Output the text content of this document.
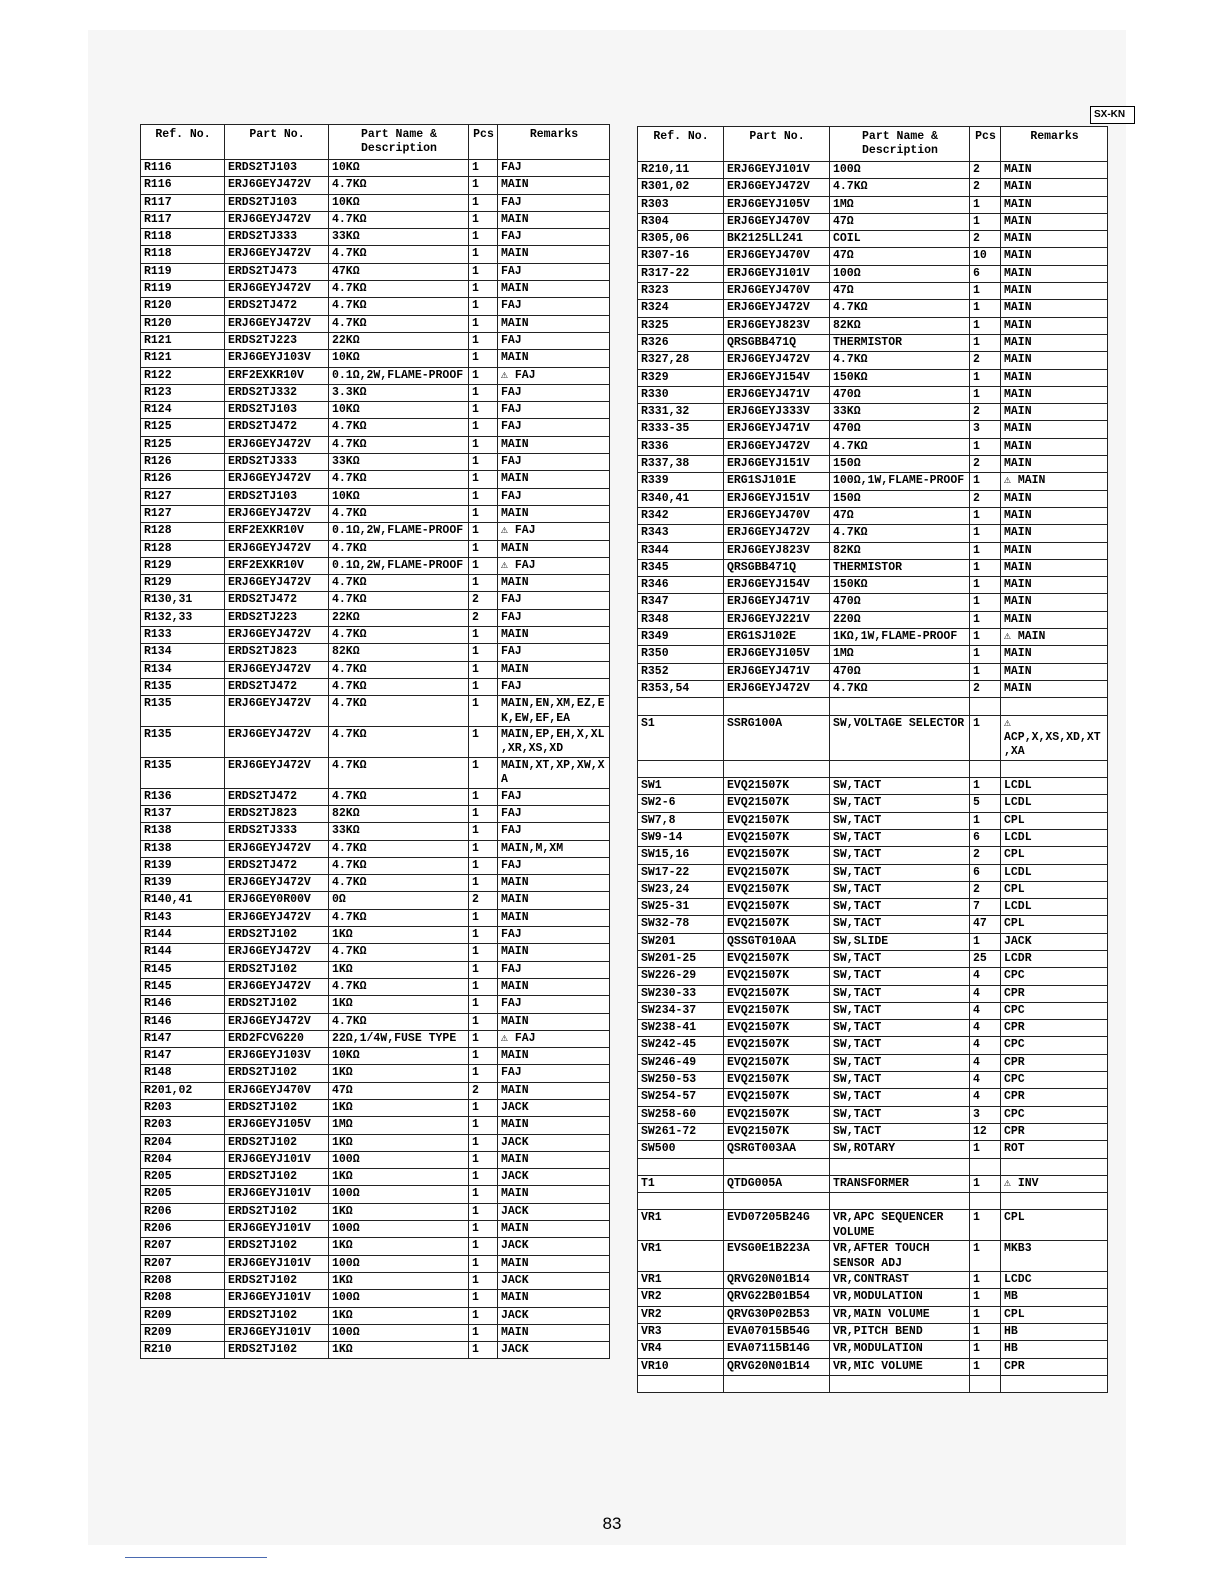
SX-KN
Ref. No.	Part No.	Part Name & Description	Pcs	Remarks
R116	ERDS2TJ103	10KΩ	1	FAJ
R116	ERJ6GEYJ472V	4.7KΩ	1	MAIN
R117	ERDS2TJ103	10KΩ	1	FAJ
R117	ERJ6GEYJ472V	4.7KΩ	1	MAIN
R118	ERDS2TJ333	33KΩ	1	FAJ
R118	ERJ6GEYJ472V	4.7KΩ	1	MAIN
R119	ERDS2TJ473	47KΩ	1	FAJ
R119	ERJ6GEYJ472V	4.7KΩ	1	MAIN
R120	ERDS2TJ472	4.7KΩ	1	FAJ
R120	ERJ6GEYJ472V	4.7KΩ	1	MAIN
R121	ERDS2TJ223	22KΩ	1	FAJ
R121	ERJ6GEYJ103V	10KΩ	1	MAIN
R122	ERF2EXKR10V	0.1Ω,2W,FLAME-PROOF	1	⚠ FAJ
R123	ERDS2TJ332	3.3KΩ	1	FAJ
R124	ERDS2TJ103	10KΩ	1	FAJ
R125	ERDS2TJ472	4.7KΩ	1	FAJ
R125	ERJ6GEYJ472V	4.7KΩ	1	MAIN
R126	ERDS2TJ333	33KΩ	1	FAJ
R126	ERJ6GEYJ472V	4.7KΩ	1	MAIN
R127	ERDS2TJ103	10KΩ	1	FAJ
R127	ERJ6GEYJ472V	4.7KΩ	1	MAIN
R128	ERF2EXKR10V	0.1Ω,2W,FLAME-PROOF	1	⚠ FAJ
R128	ERJ6GEYJ472V	4.7KΩ	1	MAIN
R129	ERF2EXKR10V	0.1Ω,2W,FLAME-PROOF	1	⚠ FAJ
R129	ERJ6GEYJ472V	4.7KΩ	1	MAIN
R130,31	ERDS2TJ472	4.7KΩ	2	FAJ
R132,33	ERDS2TJ223	22KΩ	2	FAJ
R133	ERJ6GEYJ472V	4.7KΩ	1	MAIN
R134	ERDS2TJ823	82KΩ	1	FAJ
R134	ERJ6GEYJ472V	4.7KΩ	1	MAIN
R135	ERDS2TJ472	4.7KΩ	1	FAJ
R135	ERJ6GEYJ472V	4.7KΩ	1	MAIN,EN,XM,EZ,EK,EW,EF,EA
R135	ERJ6GEYJ472V	4.7KΩ	1	MAIN,EP,EH,X,XL,XR,XS,XD
R135	ERJ6GEYJ472V	4.7KΩ	1	MAIN,XT,XP,XW,XA
R136	ERDS2TJ472	4.7KΩ	1	FAJ
R137	ERDS2TJ823	82KΩ	1	FAJ
R138	ERDS2TJ333	33KΩ	1	FAJ
R138	ERJ6GEYJ472V	4.7KΩ	1	MAIN,M,XM
R139	ERDS2TJ472	4.7KΩ	1	FAJ
R139	ERJ6GEYJ472V	4.7KΩ	1	MAIN
R140,41	ERJ6GEY0R00V	0Ω	2	MAIN
R143	ERJ6GEYJ472V	4.7KΩ	1	MAIN
R144	ERDS2TJ102	1KΩ	1	FAJ
R144	ERJ6GEYJ472V	4.7KΩ	1	MAIN
R145	ERDS2TJ102	1KΩ	1	FAJ
R145	ERJ6GEYJ472V	4.7KΩ	1	MAIN
R146	ERDS2TJ102	1KΩ	1	FAJ
R146	ERJ6GEYJ472V	4.7KΩ	1	MAIN
R147	ERD2FCVG220	22Ω,1/4W,FUSE TYPE	1	⚠ FAJ
R147	ERJ6GEYJ103V	10KΩ	1	MAIN
R148	ERDS2TJ102	1KΩ	1	FAJ
R201,02	ERJ6GEYJ470V	47Ω	2	MAIN
R203	ERDS2TJ102	1KΩ	1	JACK
R203	ERJ6GEYJ105V	1MΩ	1	MAIN
R204	ERDS2TJ102	1KΩ	1	JACK
R204	ERJ6GEYJ101V	100Ω	1	MAIN
R205	ERDS2TJ102	1KΩ	1	JACK
R205	ERJ6GEYJ101V	100Ω	1	MAIN
R206	ERDS2TJ102	1KΩ	1	JACK
R206	ERJ6GEYJ101V	100Ω	1	MAIN
R207	ERDS2TJ102	1KΩ	1	JACK
R207	ERJ6GEYJ101V	100Ω	1	MAIN
R208	ERDS2TJ102	1KΩ	1	JACK
R208	ERJ6GEYJ101V	100Ω	1	MAIN
R209	ERDS2TJ102	1KΩ	1	JACK
R209	ERJ6GEYJ101V	100Ω	1	MAIN
R210	ERDS2TJ102	1KΩ	1	JACK
Ref. No.	Part No.	Part Name & Description	Pcs	Remarks
R210,11	ERJ6GEYJ101V	100Ω	2	MAIN
R301,02	ERJ6GEYJ472V	4.7KΩ	2	MAIN
R303	ERJ6GEYJ105V	1MΩ	1	MAIN
R304	ERJ6GEYJ470V	47Ω	1	MAIN
R305,06	BK2125LL241	COIL	2	MAIN
R307-16	ERJ6GEYJ470V	47Ω	10	MAIN
R317-22	ERJ6GEYJ101V	100Ω	6	MAIN
R323	ERJ6GEYJ470V	47Ω	1	MAIN
R324	ERJ6GEYJ472V	4.7KΩ	1	MAIN
R325	ERJ6GEYJ823V	82KΩ	1	MAIN
R326	QRSGBB471Q	THERMISTOR	1	MAIN
R327,28	ERJ6GEYJ472V	4.7KΩ	2	MAIN
R329	ERJ6GEYJ154V	150KΩ	1	MAIN
R330	ERJ6GEYJ471V	470Ω	1	MAIN
R331,32	ERJ6GEYJ333V	33KΩ	2	MAIN
R333-35	ERJ6GEYJ471V	470Ω	3	MAIN
R336	ERJ6GEYJ472V	4.7KΩ	1	MAIN
R337,38	ERJ6GEYJ151V	150Ω	2	MAIN
R339	ERG1SJ101E	100Ω,1W,FLAME-PROOF	1	⚠ MAIN
R340,41	ERJ6GEYJ151V	150Ω	2	MAIN
R342	ERJ6GEYJ470V	47Ω	1	MAIN
R343	ERJ6GEYJ472V	4.7KΩ	1	MAIN
R344	ERJ6GEYJ823V	82KΩ	1	MAIN
R345	QRSGBB471Q	THERMISTOR	1	MAIN
R346	ERJ6GEYJ154V	150KΩ	1	MAIN
R347	ERJ6GEYJ471V	470Ω	1	MAIN
R348	ERJ6GEYJ221V	220Ω	1	MAIN
R349	ERG1SJ102E	1KΩ,1W,FLAME-PROOF	1	⚠ MAIN
R350	ERJ6GEYJ105V	1MΩ	1	MAIN
R352	ERJ6GEYJ471V	470Ω	1	MAIN
R353,54	ERJ6GEYJ472V	4.7KΩ	2	MAIN

S1	SSRG100A	SW,VOLTAGE SELECTOR	1	⚠ ACP,X,XS,XD,XT,XA

SW1	EVQ21507K	SW,TACT	1	LCDL
SW2-6	EVQ21507K	SW,TACT	5	LCDL
SW7,8	EVQ21507K	SW,TACT	1	CPL
SW9-14	EVQ21507K	SW,TACT	6	LCDL
SW15,16	EVQ21507K	SW,TACT	2	CPL
SW17-22	EVQ21507K	SW,TACT	6	LCDL
SW23,24	EVQ21507K	SW,TACT	2	CPL
SW25-31	EVQ21507K	SW,TACT	7	LCDL
SW32-78	EVQ21507K	SW,TACT	47	CPL
SW201	QSSGT010AA	SW,SLIDE	1	JACK
SW201-25	EVQ21507K	SW,TACT	25	LCDR
SW226-29	EVQ21507K	SW,TACT	4	CPC
SW230-33	EVQ21507K	SW,TACT	4	CPR
SW234-37	EVQ21507K	SW,TACT	4	CPC
SW238-41	EVQ21507K	SW,TACT	4	CPR
SW242-45	EVQ21507K	SW,TACT	4	CPC
SW246-49	EVQ21507K	SW,TACT	4	CPR
SW250-53	EVQ21507K	SW,TACT	4	CPC
SW254-57	EVQ21507K	SW,TACT	4	CPR
SW258-60	EVQ21507K	SW,TACT	3	CPC
SW261-72	EVQ21507K	SW,TACT	12	CPR
SW500	QSRGT003AA	SW,ROTARY	1	ROT

T1	QTDG005A	TRANSFORMER	1	⚠ INV

VR1	EVD07205B24G	VR,APC SEQUENCER VOLUME	1	CPL
VR1	EVSG0E1B223A	VR,AFTER TOUCH SENSOR ADJ	1	MKB3
VR1	QRVG20N01B14	VR,CONTRAST	1	LCDC
VR2	QRVG22B01B54	VR,MODULATION	1	MB
VR2	QRVG30P02B53	VR,MAIN VOLUME	1	CPL
VR3	EVA07015B54G	VR,PITCH BEND	1	HB
VR4	EVA07115B14G	VR,MODULATION	1	HB
VR10	QRVG20N01B14	VR,MIC VOLUME	1	CPR

83
